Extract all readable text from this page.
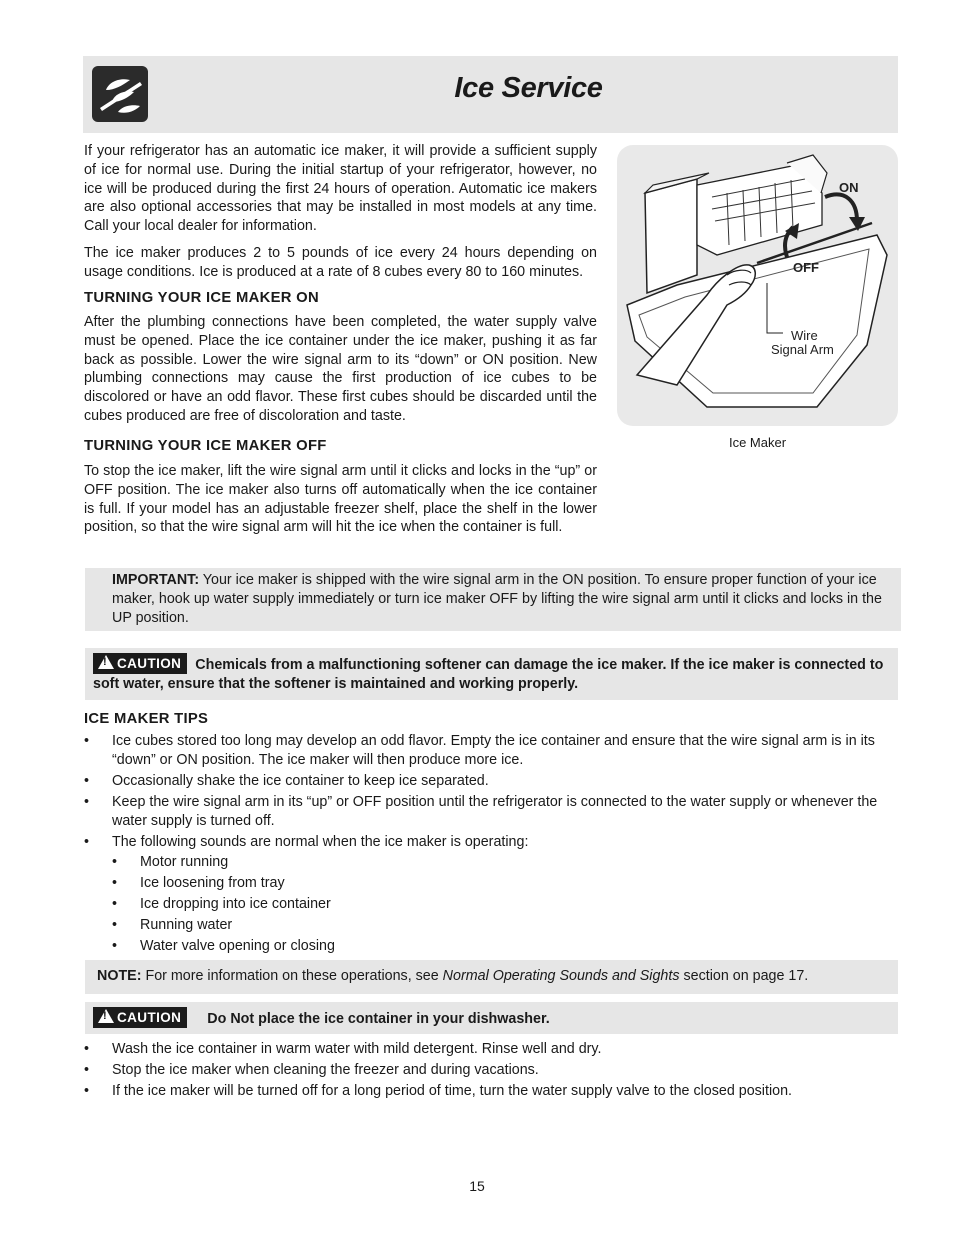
Ice Service

If your refrigerator has an automatic ice maker, it will provide a sufficient supply of ice for normal use. During the initial startup of your refrigerator, however, no ice will be produced during the first 24 hours of operation. Automatic ice makers are also optional accessories that may be installed in most models at any time. Call your local dealer for information.

The ice maker produces 2 to 5 pounds of ice every 24 hours depending on usage conditions. Ice is produced at a rate of 8 cubes every 80 to 160 minutes.

TURNING YOUR ICE MAKER ON

After the plumbing connections have been completed, the water supply valve must be opened. Place the ice container under the ice maker, pushing it as far back as possible. Lower the wire signal arm to its “down” or ON position. New plumbing connections may cause the first production of ice cubes to be discolored or have an odd flavor. These first cubes should be discarded until the cubes produced are free of discoloration and taste.

TURNING YOUR ICE MAKER OFF

To stop the ice maker, lift the wire signal arm until it clicks and locks in the “up” or OFF position. The ice maker also turns off automatically when the ice container is full. If your model has an adjustable freezer shelf, place the shelf in the lower position, so that the wire signal arm will hit the ice when the container is full.

ON
OFF
Wire
Signal Arm
Ice Maker
IMPORTANT: Your ice maker is shipped with the wire signal arm in the ON position. To ensure proper function of your ice maker, hook up water supply immediately or turn ice maker OFF by lifting the wire signal arm until it clicks and locks in the UP position.
!CAUTION Chemicals from a malfunctioning softener can damage the ice maker. If the ice maker is connected to soft water, ensure that the softener is maintained and working properly.
ICE MAKER TIPS
• Ice cubes stored too long may develop an odd flavor. Empty the ice container and ensure that the wire signal arm is in its “down” or ON position. The ice maker will then produce more ice.
• Occasionally shake the ice container to keep ice separated.
• Keep the wire signal arm in its “up” or OFF position until the refrigerator is connected to the water supply or whenever the water supply is turned off.
• The following sounds are normal when the ice maker is operating:
• Motor running
• Ice loosening from tray
• Ice dropping into ice container
• Running water
• Water valve opening or closing
NOTE: For more information on these operations, see Normal Operating Sounds and Sights section on page 17.
!CAUTION Do Not place the ice container in your dishwasher.
• Wash the ice container in warm water with mild detergent. Rinse well and dry.
• Stop the ice maker when cleaning the freezer and during vacations.
• If the ice maker will be turned off for a long period of time, turn the water supply valve to the closed position.
15
